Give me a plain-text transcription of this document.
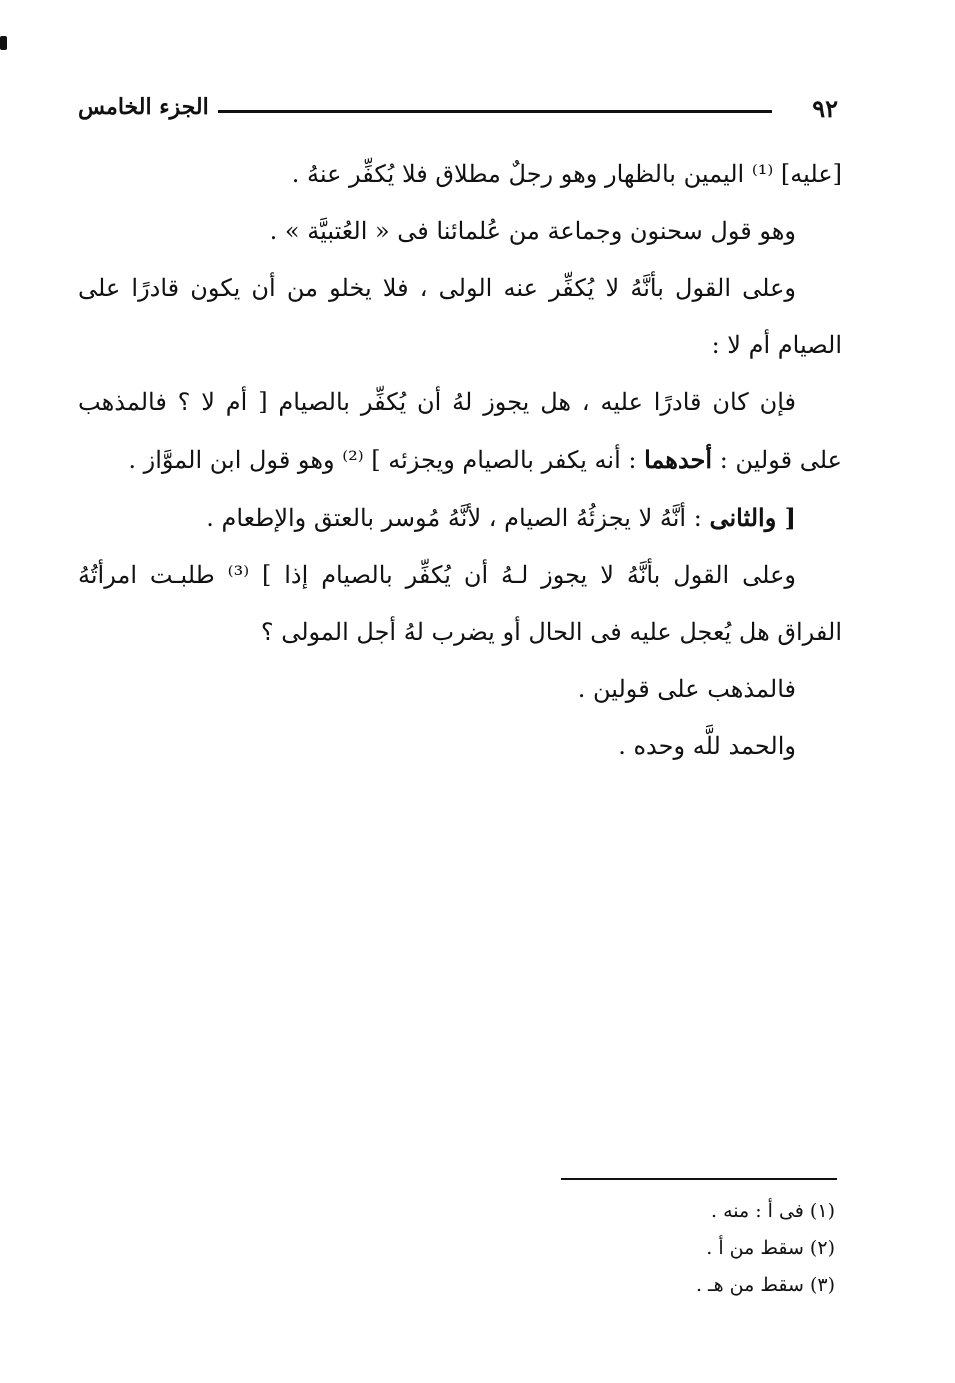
٩٢
الجزء الخامس

[عليه] ⁽¹⁾ اليمين بالظهار وهو رجلٌ مطلاق فلا يُكفِّر عنهُ .

وهو قول سحنون وجماعة من عُلمائنا فى « العُتبيَّة » .

وعلى القول بأنَّهُ لا يُكفِّر عنه الولى ، فلا يخلو من أن يكون قادرًا على الصيام أم لا :

فإن كان قادرًا عليه ، هل يجوز لهُ أن يُكفِّر بالصيام [ أم لا ؟ فالمذهب على قولين : أحدهما : أنه يكفر بالصيام ويجزئه ] ⁽²⁾ وهو قول ابن الموَّاز .

[ والثانى : أنَّهُ لا يجزئُهُ الصيام ، لأنَّهُ مُوسر بالعتق والإطعام .

وعلى القول بأنَّهُ لا يجوز لـهُ أن يُكفِّر بالصيام إذا ] ⁽³⁾ طلبـت امرأتُهُ الفراق هل يُعجل عليه فى الحال أو يضرب لهُ أجل المولى ؟

فالمذهب على قولين .

والحمد للَّه وحده .

(١) فى أ : منه .
(٢) سقط من أ .
(٣) سقط من هـ .
